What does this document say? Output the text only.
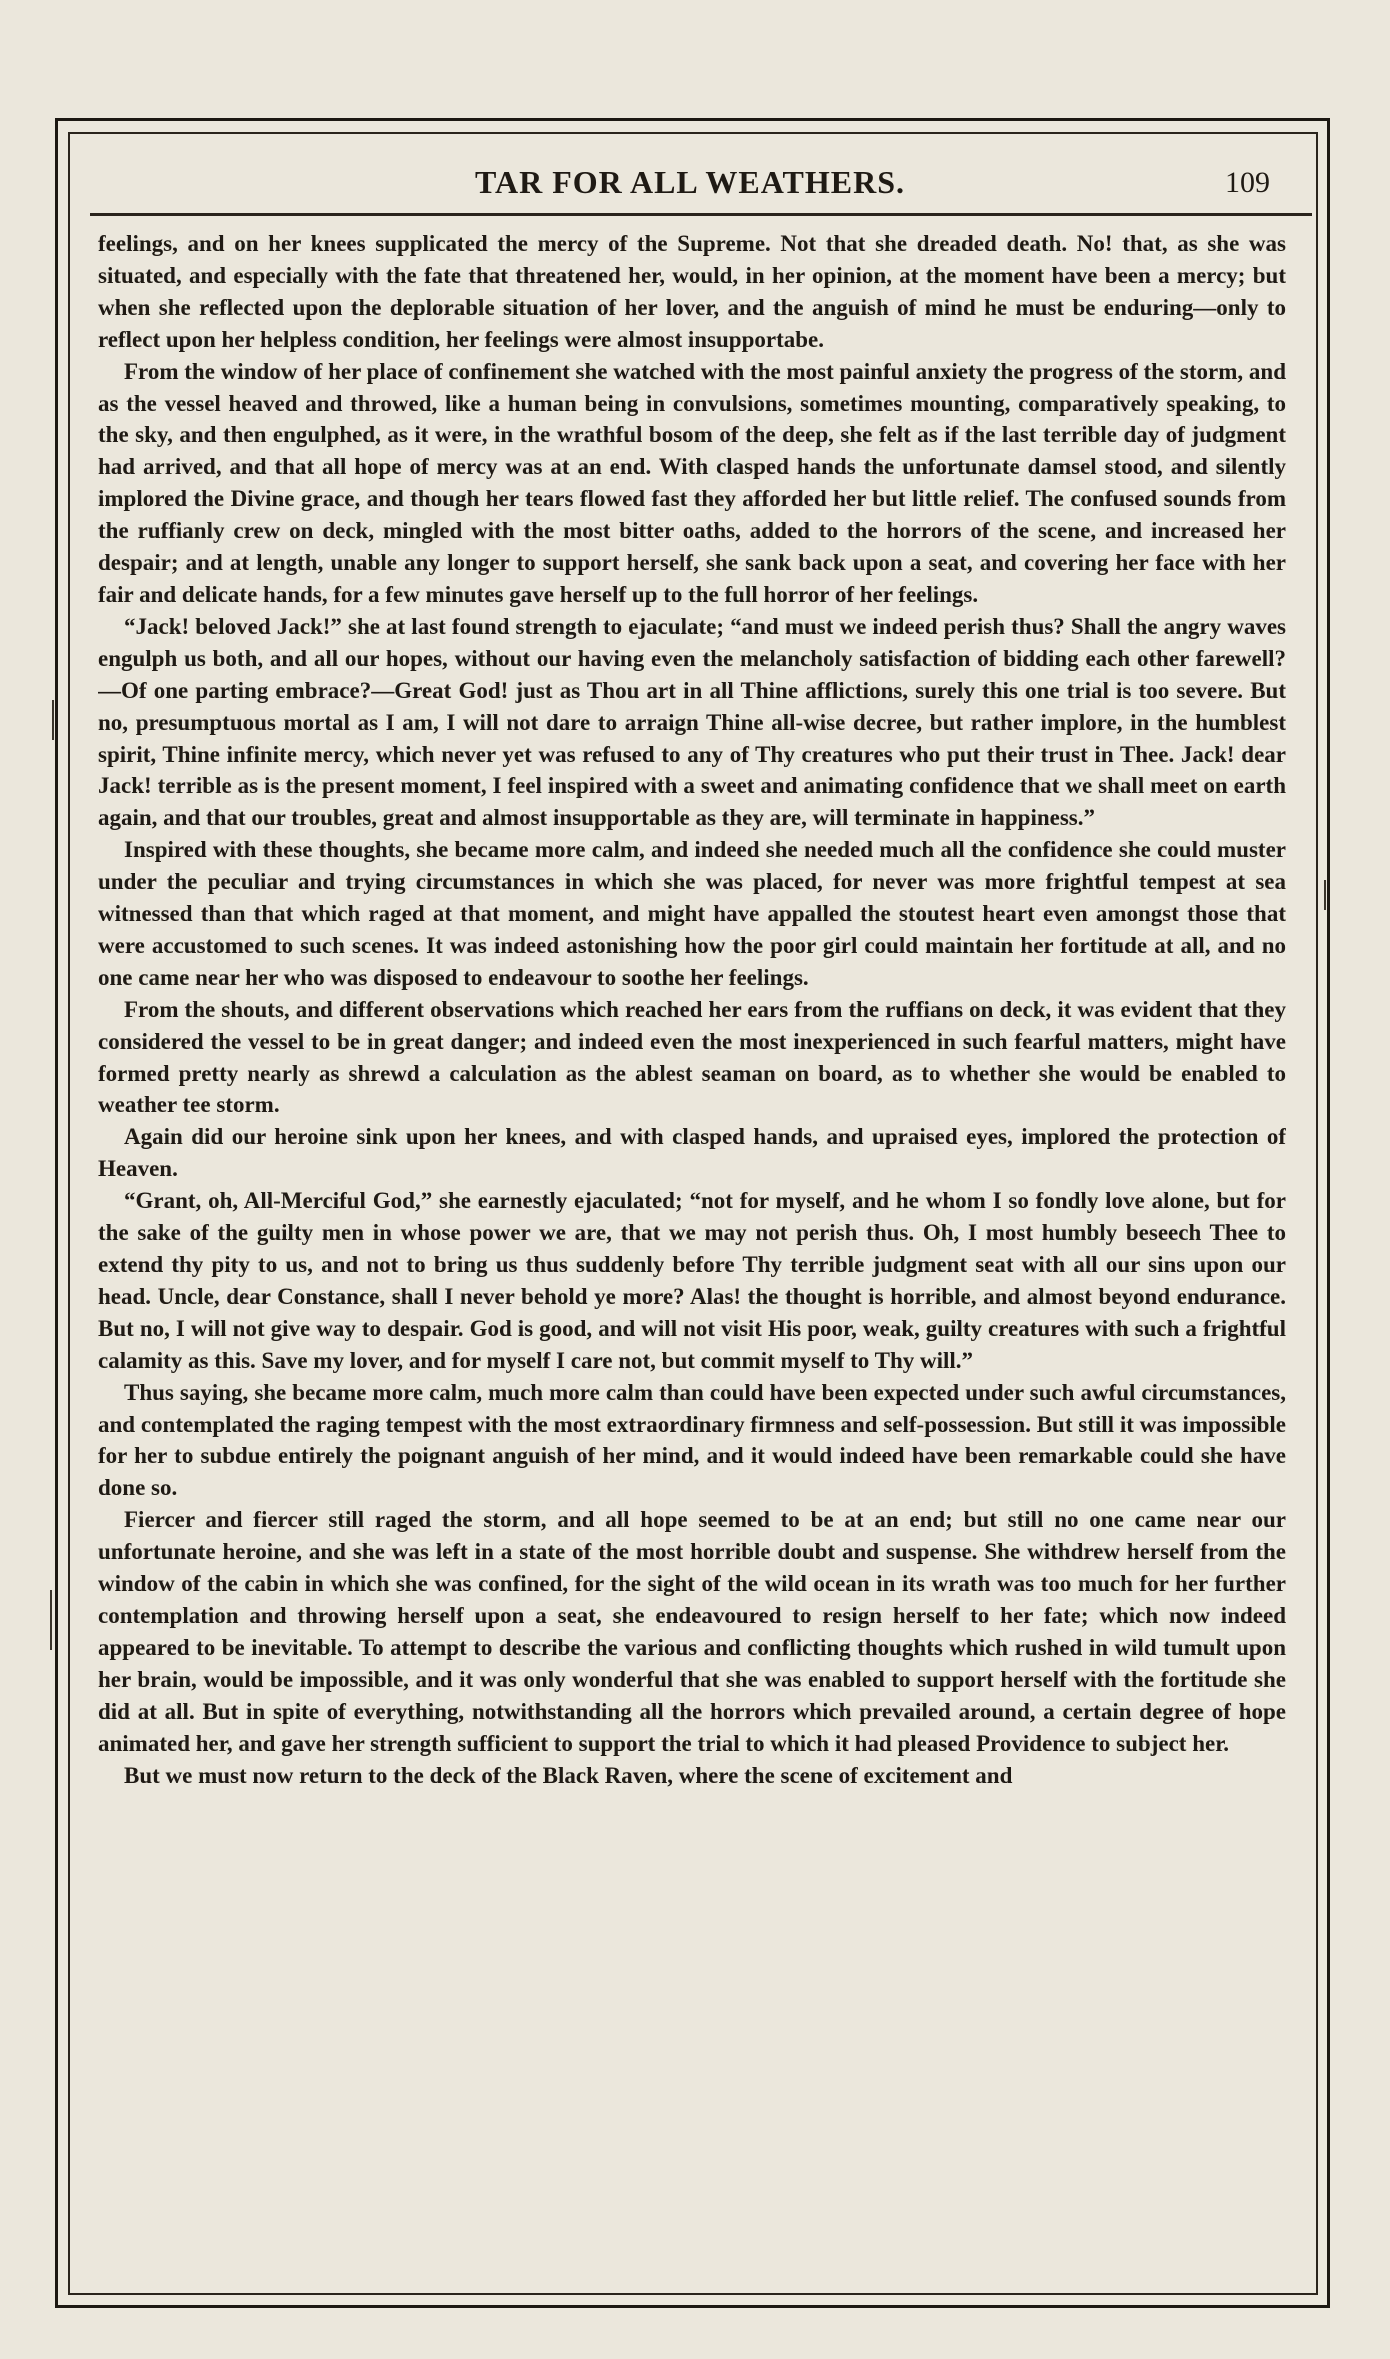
TAR FOR ALL WEATHERS.	109

feelings, and on her knees supplicated the mercy of the Supreme. Not that she dreaded death. No! that, as she was situated, and especially with the fate that threatened her, would, in her opinion, at the moment have been a mercy; but when she reflected upon the deplorable situation of her lover, and the anguish of mind he must be enduring—only to reflect upon her helpless condition, her feelings were almost insupportabe.

From the window of her place of confinement she watched with the most painful anxiety the progress of the storm, and as the vessel heaved and throwed, like a human being in convulsions, sometimes mounting, comparatively speaking, to the sky, and then engulphed, as it were, in the wrathful bosom of the deep, she felt as if the last terrible day of judgment had arrived, and that all hope of mercy was at an end. With clasped hands the unfortunate damsel stood, and silently implored the Divine grace, and though her tears flowed fast they afforded her but little relief. The confused sounds from the ruffianly crew on deck, mingled with the most bitter oaths, added to the horrors of the scene, and increased her despair; and at length, unable any longer to support herself, she sank back upon a seat, and covering her face with her fair and delicate hands, for a few minutes gave herself up to the full horror of her feelings.

“Jack! beloved Jack!” she at last found strength to ejaculate; “and must we indeed perish thus? Shall the angry waves engulph us both, and all our hopes, without our having even the melancholy satisfaction of bidding each other farewell?—Of one parting embrace?—Great God! just as Thou art in all Thine afflictions, surely this one trial is too severe. But no, presumptuous mortal as I am, I will not dare to arraign Thine all-wise decree, but rather implore, in the humblest spirit, Thine infinite mercy, which never yet was refused to any of Thy creatures who put their trust in Thee. Jack! dear Jack! terrible as is the present moment, I feel inspired with a sweet and animating confidence that we shall meet on earth again, and that our troubles, great and almost insupportable as they are, will terminate in happiness.”

Inspired with these thoughts, she became more calm, and indeed she needed much all the confidence she could muster under the peculiar and trying circumstances in which she was placed, for never was more frightful tempest at sea witnessed than that which raged at that moment, and might have appalled the stoutest heart even amongst those that were accustomed to such scenes. It was indeed astonishing how the poor girl could maintain her fortitude at all, and no one came near her who was disposed to endeavour to soothe her feelings.

From the shouts, and different observations which reached her ears from the ruffians on deck, it was evident that they considered the vessel to be in great danger; and indeed even the most inexperienced in such fearful matters, might have formed pretty nearly as shrewd a calculation as the ablest seaman on board, as to whether she would be enabled to weather tee storm.

Again did our heroine sink upon her knees, and with clasped hands, and upraised eyes, implored the protection of Heaven.

“Grant, oh, All-Merciful God,” she earnestly ejaculated; “not for myself, and he whom I so fondly love alone, but for the sake of the guilty men in whose power we are, that we may not perish thus. Oh, I most humbly beseech Thee to extend thy pity to us, and not to bring us thus suddenly before Thy terrible judgment seat with all our sins upon our head. Uncle, dear Constance, shall I never behold ye more? Alas! the thought is horrible, and almost beyond endurance. But no, I will not give way to despair. God is good, and will not visit His poor, weak, guilty creatures with such a frightful calamity as this. Save my lover, and for myself I care not, but commit myself to Thy will.”

Thus saying, she became more calm, much more calm than could have been expected under such awful circumstances, and contemplated the raging tempest with the most extraordinary firmness and self-possession. But still it was impossible for her to subdue entirely the poignant anguish of her mind, and it would indeed have been remarkable could she have done so.

Fiercer and fiercer still raged the storm, and all hope seemed to be at an end; but still no one came near our unfortunate heroine, and she was left in a state of the most horrible doubt and suspense. She withdrew herself from the window of the cabin in which she was confined, for the sight of the wild ocean in its wrath was too much for her further contemplation and throwing herself upon a seat, she endeavoured to resign herself to her fate; which now indeed appeared to be inevitable. To attempt to describe the various and conflicting thoughts which rushed in wild tumult upon her brain, would be impossible, and it was only wonderful that she was enabled to support herself with the fortitude she did at all. But in spite of everything, notwithstanding all the horrors which prevailed around, a certain degree of hope animated her, and gave her strength sufficient to support the trial to which it had pleased Providence to subject her.

But we must now return to the deck of the Black Raven, where the scene of excitement and
